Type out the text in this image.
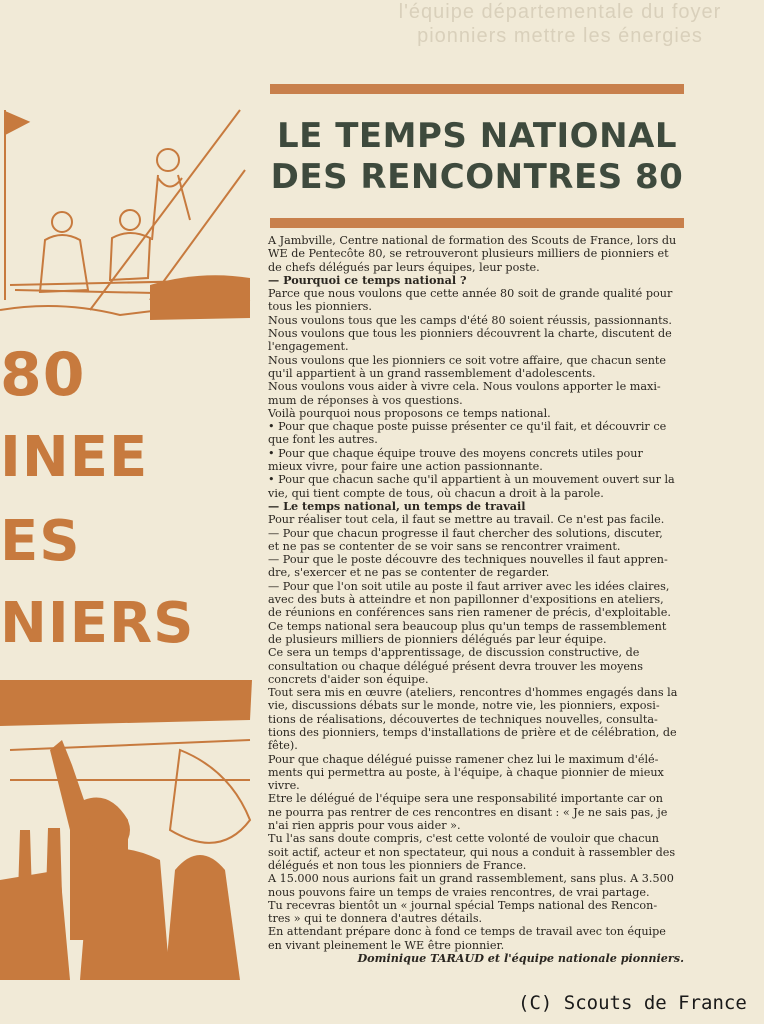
l'équipe départementale du foyer
pionniers mettre les énergies
80
INEE
ES
NIERS
LE TEMPS NATIONAL
DES RENCONTRES 80
A Jambville, Centre national de formation des Scouts de France, lors du
WE de Pentecôte 80, se retrouveront plusieurs milliers de pionniers et
de chefs délégués par leurs équipes, leur poste.
— Pourquoi ce temps national ?
Parce que nous voulons que cette année 80 soit de grande qualité pour
tous les pionniers.
Nous voulons tous que les camps d'été 80 soient réussis, passionnants.
Nous voulons que tous les pionniers découvrent la charte, discutent de
l'engagement.
Nous voulons que les pionniers ce soit votre affaire, que chacun sente
qu'il appartient à un grand rassemblement d'adolescents.
Nous voulons vous aider à vivre cela. Nous voulons apporter le maxi-
mum de réponses à vos questions.
Voilà pourquoi nous proposons ce temps national.
• Pour que chaque poste puisse présenter ce qu'il fait, et découvrir ce
que font les autres.
• Pour que chaque équipe trouve des moyens concrets utiles pour
mieux vivre, pour faire une action passionnante.
• Pour que chacun sache qu'il appartient à un mouvement ouvert sur la
vie, qui tient compte de tous, où chacun a droit à la parole.
— Le temps national, un temps de travail
Pour réaliser tout cela, il faut se mettre au travail. Ce n'est pas facile.
— Pour que chacun progresse il faut chercher des solutions, discuter,
et ne pas se contenter de se voir sans se rencontrer vraiment.
— Pour que le poste découvre des techniques nouvelles il faut appren-
dre, s'exercer et ne pas se contenter de regarder.
— Pour que l'on soit utile au poste il faut arriver avec les idées claires,
avec des buts à atteindre et non papillonner d'expositions en ateliers,
de réunions en conférences sans rien ramener de précis, d'exploitable.
Ce temps national sera beaucoup plus qu'un temps de rassemblement
de plusieurs milliers de pionniers délégués par leur équipe.
Ce sera un temps d'apprentissage, de discussion constructive, de
consultation ou chaque délégué présent devra trouver les moyens
concrets d'aider son équipe.
Tout sera mis en œuvre (ateliers, rencontres d'hommes engagés dans la
vie, discussions débats sur le monde, notre vie, les pionniers, exposi-
tions de réalisations, découvertes de techniques nouvelles, consulta-
tions des pionniers, temps d'installations de prière et de célébration, de
fête).
Pour que chaque délégué puisse ramener chez lui le maximum d'élé-
ments qui permettra au poste, à l'équipe, à chaque pionnier de mieux
vivre.
Etre le délégué de l'équipe sera une responsabilité importante car on
ne pourra pas rentrer de ces rencontres en disant : « Je ne sais pas, je
n'ai rien appris pour vous aider ».
Tu l'as sans doute compris, c'est cette volonté de vouloir que chacun
soit actif, acteur et non spectateur, qui nous a conduit à rassembler des
délégués et non tous les pionniers de France.
A 15.000 nous aurions fait un grand rassemblement, sans plus. A 3.500
nous pouvons faire un temps de vraies rencontres, de vrai partage.
Tu recevras bientôt un « journal spécial Temps national des Rencon-
tres » qui te donnera d'autres détails.
En attendant prépare donc à fond ce temps de travail avec ton équipe
en vivant pleinement le WE être pionnier.
Dominique TARAUD et l'équipe nationale pionniers.
(C) Scouts de France
